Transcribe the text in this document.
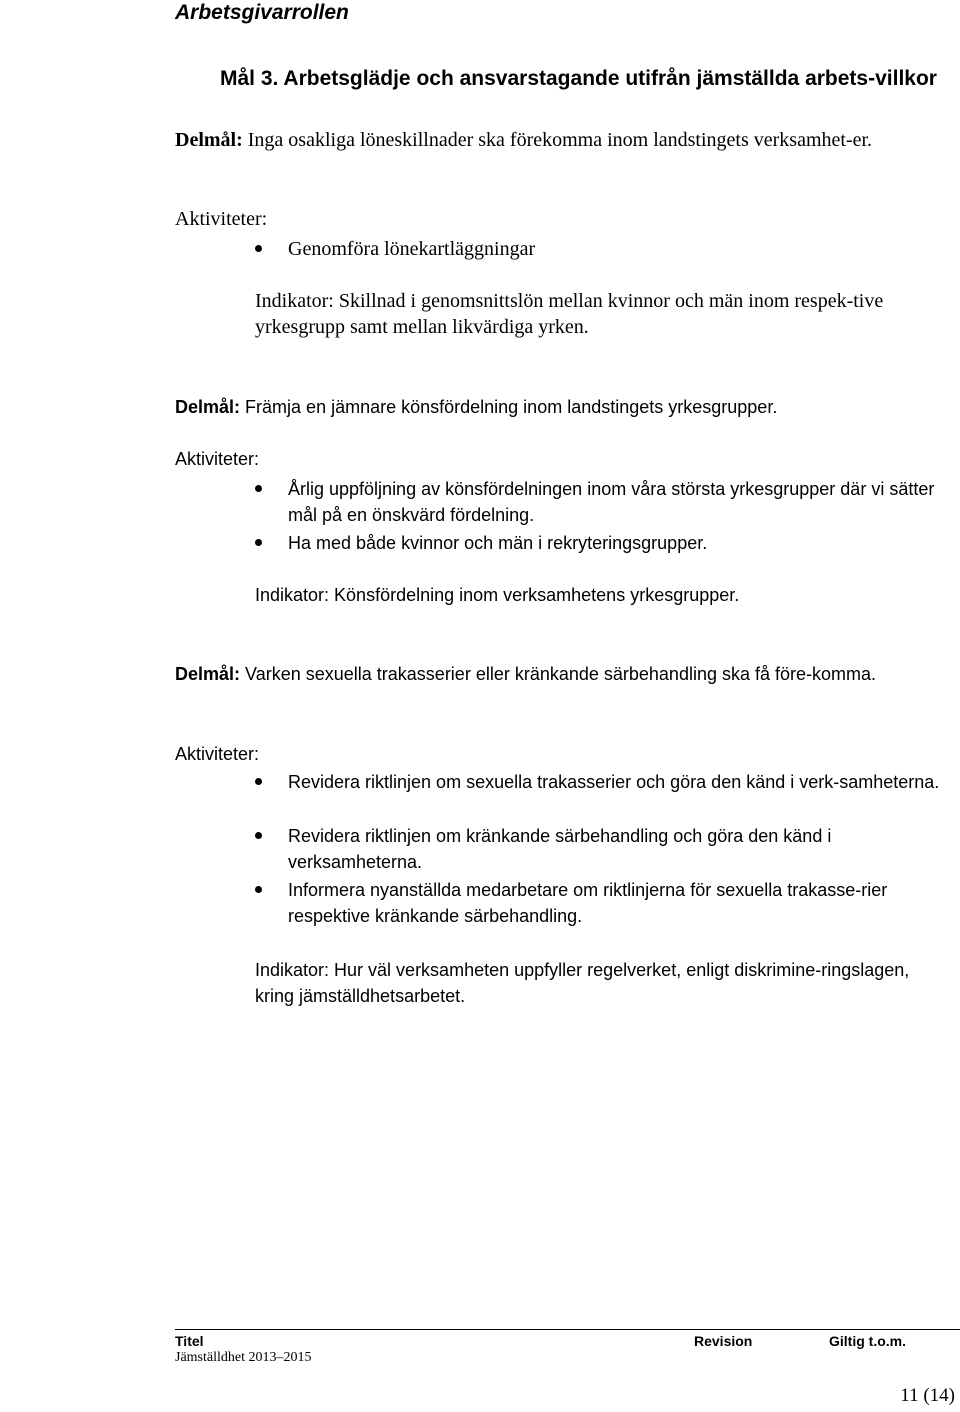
Arbetsgivarrollen
Mål 3. Arbetsglädje och ansvarstagande utifrån jämställda arbets-villkor
Delmål: Inga osakliga löneskillnader ska förekomma inom landstingets verksamhet-er.
Aktiviteter:
Genomföra lönekartläggningar
Indikator: Skillnad i genomsnittslön mellan kvinnor och män inom respek-tive yrkesgrupp samt mellan likvärdiga yrken.
Delmål: Främja en jämnare könsfördelning inom landstingets yrkesgrupper.
Aktiviteter:
Årlig uppföljning av könsfördelningen inom våra största yrkesgrupper där vi sätter mål på en önskvärd fördelning.
Ha med både kvinnor och män i rekryteringsgrupper.
Indikator: Könsfördelning inom verksamhetens yrkesgrupper.
Delmål: Varken sexuella trakasserier eller kränkande särbehandling ska få före-komma.
Aktiviteter:
Revidera riktlinjen om sexuella trakasserier och göra den känd i verk-samheterna.
Revidera riktlinjen om kränkande särbehandling och göra den känd i verksamheterna.
Informera nyanställda medarbetare om riktlinjerna för sexuella trakasse-rier respektive kränkande särbehandling.
Indikator: Hur väl verksamheten uppfyller regelverket, enligt diskrimine-ringslagen, kring jämställdhetsarbetet.
Titel
Jämställdhet 2013–2015
Revision	Giltig t.o.m.
11 (14)
